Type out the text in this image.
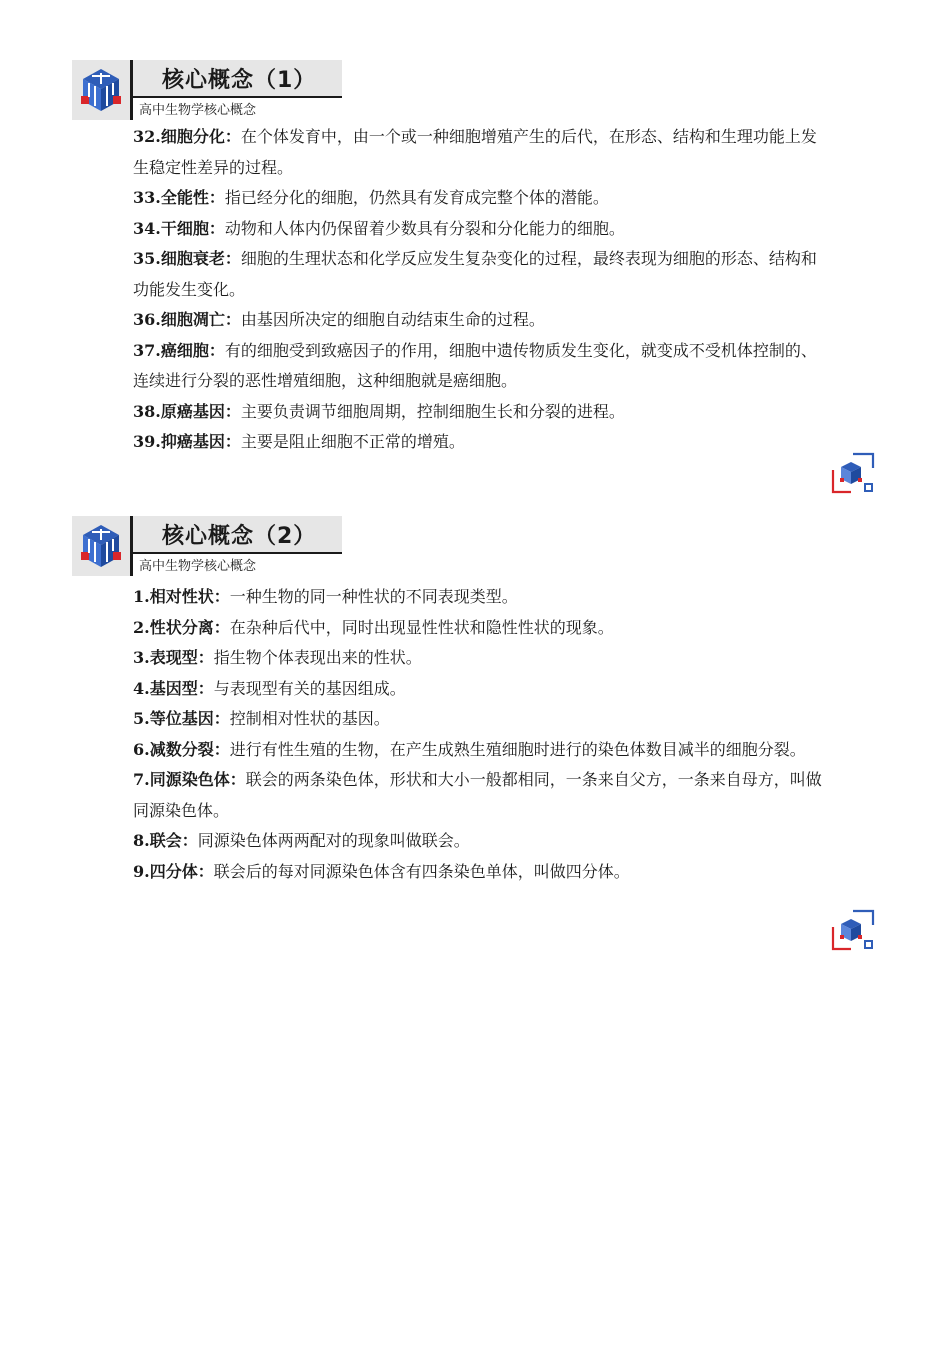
核心概念（1）
高中生物学核心概念

32.细胞分化：在个体发育中，由一个或一种细胞增殖产生的后代，在形态、结构和生理功能上发生稳定性差异的过程。

33.全能性：指已经分化的细胞，仍然具有发育成完整个体的潜能。

34.干细胞：动物和人体内仍保留着少数具有分裂和分化能力的细胞。

35.细胞衰老：细胞的生理状态和化学反应发生复杂变化的过程，最终表现为细胞的形态、结构和功能发生变化。

36.细胞凋亡：由基因所决定的细胞自动结束生命的过程。

37.癌细胞：有的细胞受到致癌因子的作用，细胞中遗传物质发生变化，就变成不受机体控制的、连续进行分裂的恶性增殖细胞，这种细胞就是癌细胞。

38.原癌基因：主要负责调节细胞周期，控制细胞生长和分裂的进程。

39.抑癌基因：主要是阻止细胞不正常的增殖。

核心概念（2）
高中生物学核心概念

1.相对性状：一种生物的同一种性状的不同表现类型。

2.性状分离：在杂种后代中，同时出现显性性状和隐性性状的现象。

3.表现型：指生物个体表现出来的性状。

4.基因型：与表现型有关的基因组成。

5.等位基因：控制相对性状的基因。

6.减数分裂：进行有性生殖的生物，在产生成熟生殖细胞时进行的染色体数目减半的细胞分裂。

7.同源染色体：联会的两条染色体，形状和大小一般都相同，一条来自父方，一条来自母方，叫做同源染色体。

8.联会：同源染色体两两配对的现象叫做联会。

9.四分体：联会后的每对同源染色体含有四条染色单体，叫做四分体。
